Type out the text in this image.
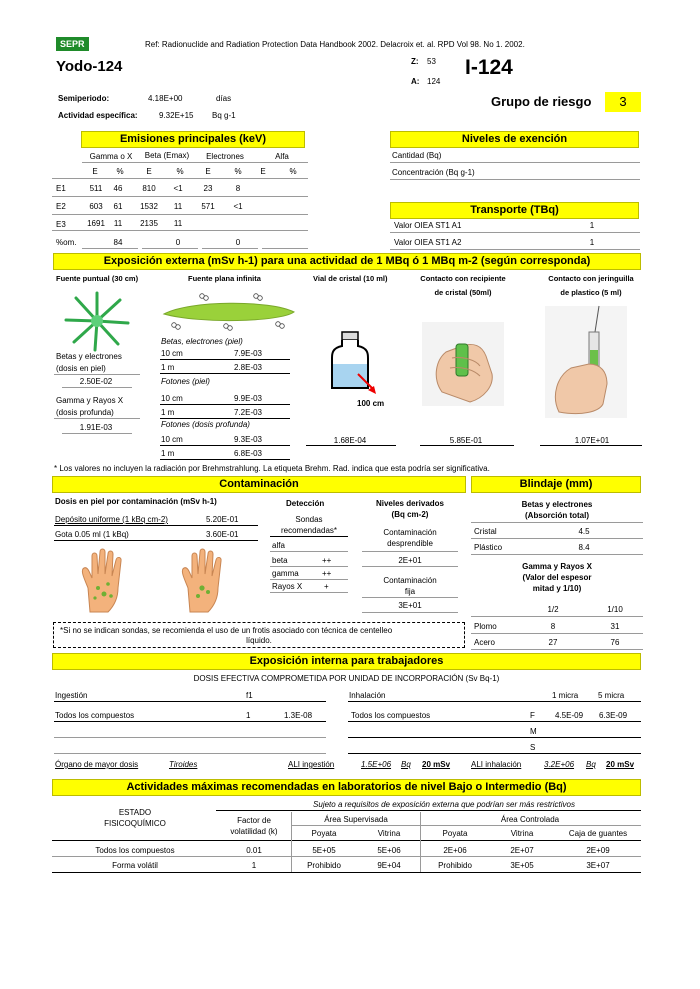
SEPR	Ref: Radionuclide and Radiation Protection Data Handbook 2002. Delacroix et. al. RPD Vol 98. No 1. 2002.
Yodo-124	Z: 53
A: 124
I-124
Semiperiodo:	4.18E+00	días
Actividad específica:	9.32E+15 Bq g-1
Grupo de riesgo	3
Emisiones principales (keV)
Gamma o X	Beta (Emax)	Electrones	Alfa
E	%	E	%	E	%	E	%
E1	511	46	810	<1	23	8
E2	603	61	1532	11	571	<1
E3	1691	11	2135	11
%om.	84	0	0
Niveles de exención
Cantidad (Bq)
Concentración (Bq g-1)
Transporte (TBq)
Valor OIEA ST1 A1	1
Valor OIEA ST1 A2	1
Exposición externa (mSv h-1) para una actividad de 1 MBq ó 1 MBq m-2 (según corresponda)
Fuente puntual (30 cm)	Fuente plana infinita	Vial de cristal (10 ml)	Contacto con recipiente
de cristal (50ml)
Contacto con jeringuilla
de plastico (5 ml)
Betas y electrones
(dosis en piel)
2.50E-02
Gamma y Rayos X
(dosis profunda)
1.91E-03
Betas, electrones (piel)
10 cm	7.9E-03
1 m	2.8E-03
Fotones (piel)
10 cm	9.9E-03
1 m	7.2E-03
Fotones (dosis profunda)
10 cm	9.3E-03
1 m	6.8E-03
100 cm
1.68E-04	5.85E-01	1.07E+01
* Los valores no incluyen la radiación por Brehmstrahlung. La etiqueta Brehm. Rad. indica que esta podría ser significativa.
Contaminación
Dosis en piel por contaminación (mSv h-1)
Depósito uniforme (1 kBq cm-2)	5.20E-01
Gota 0.05 ml (1 kBq)	3.60E-01
Detección
Sondas
recomendadas*
alfa
beta	++
gamma	++
Rayos X	+
Niveles derivados
(Bq cm-2)
Contaminación
desprendible
2E+01
Contaminación
fija
3E+01
*Si no se indican sondas, se recomienda el uso de un frotis asociado con técnica de centelleo
líquido.
Blindaje (mm)
Betas y electrones
(Absorción total)
Cristal	4.5
Plástico	8.4
Gamma y Rayos X
(Valor del espesor
mitad y 1/10)
1/2	1/10
Plomo	8	31
Acero	27	76
Exposición interna para trabajadores
DOSIS EFECTIVA COMPROMETIDA POR UNIDAD DE INCORPORACIÓN (Sv Bq-1)
Ingestión	f1
Todos los compuestos	1	1.3E-08
Inhalación	1 micra 5 micra
Todos los compuestos	F	4.5E-09 6.3E-09
M
S
Órgano de mayor dosis	Tiroides	ALI ingestión	1.5E+06 Bq 20 mSv	ALI inhalación	3.2E+06 Bq 20 mSv
Actividades máximas recomendadas en laboratorios de nivel Bajo o Intermedio (Bq)
Sujeto a requisitos de exposición externa que podrían ser más restrictivos
ESTADO
FISICOQUÍMICO	Factor de
volatilidad (k)
Área Supervisada	Área Controlada
Poyata	Vitrina	Poyata	Vitrina	Caja de guantes
Todos los compuestos	0.01	5E+05	5E+06	2E+06	2E+07	2E+09
Forma volátil	1	Prohibido	9E+04	Prohibido	3E+05	3E+07
